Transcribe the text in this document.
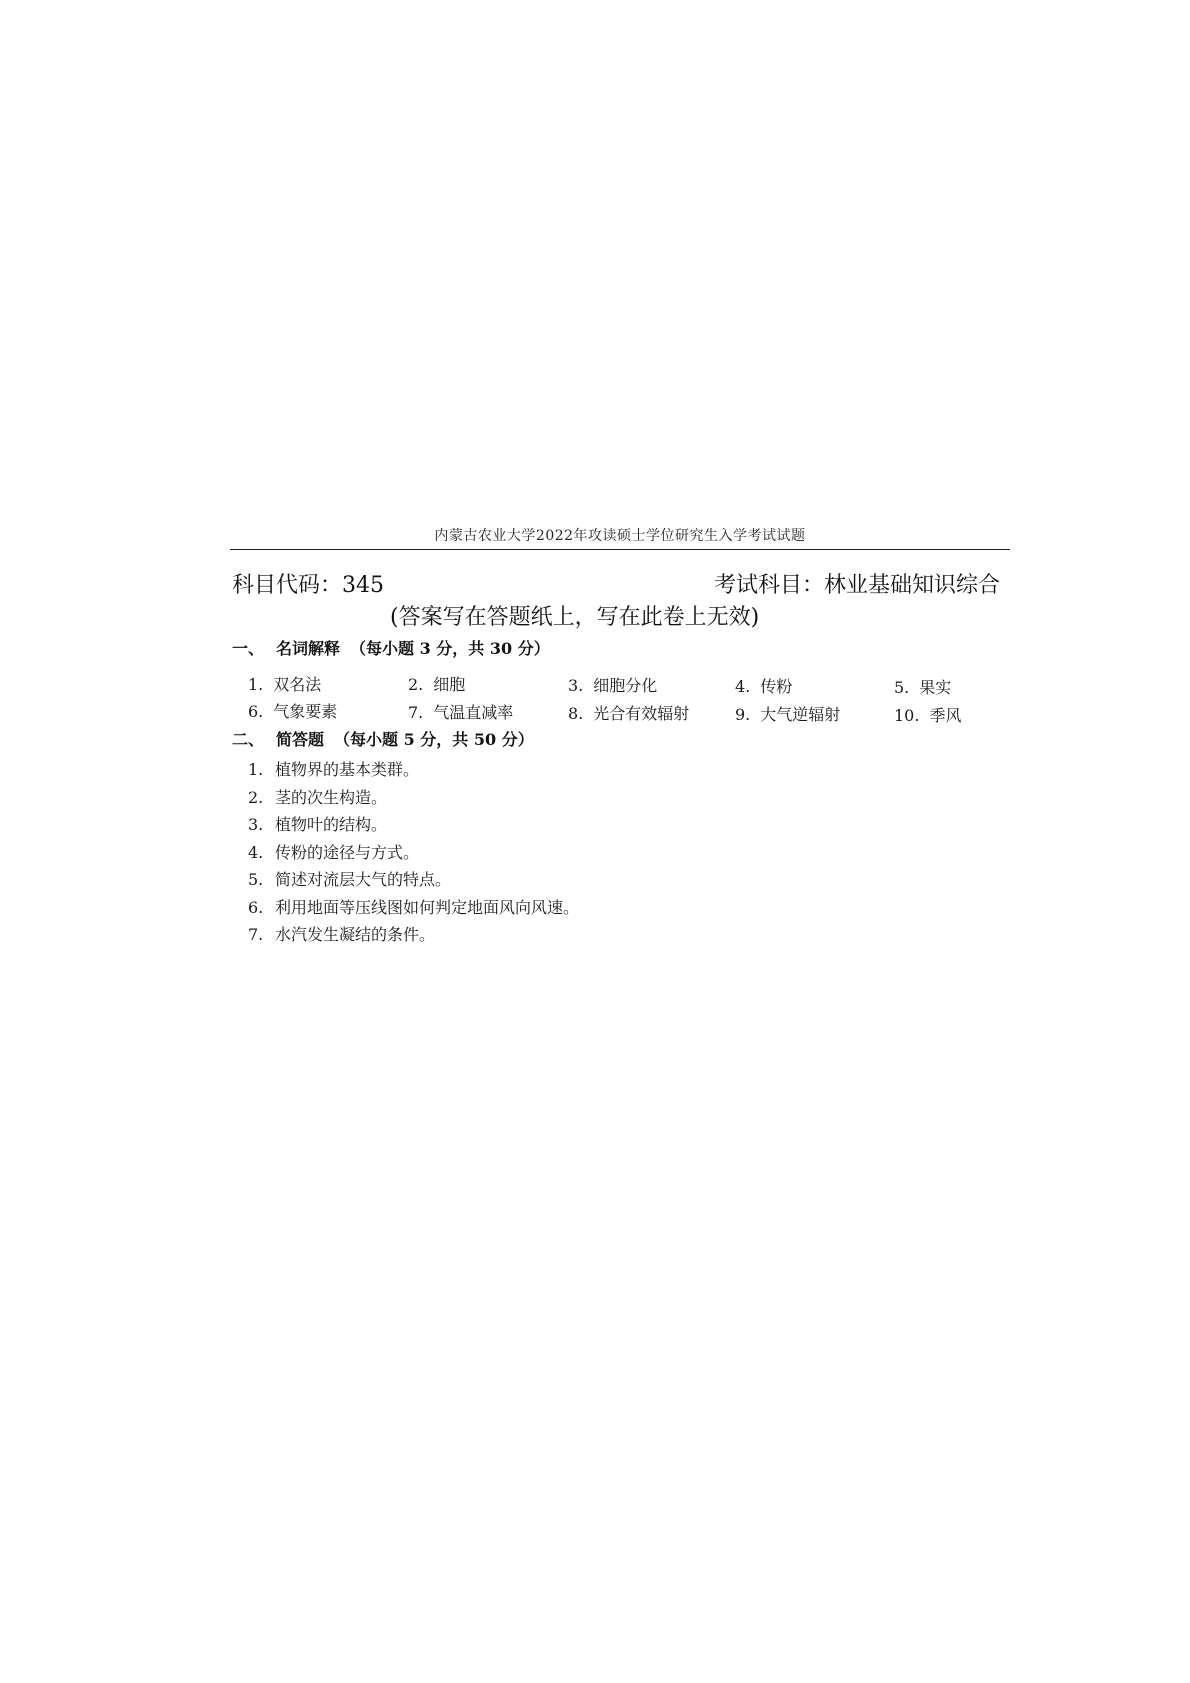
内蒙古农业大学2022年攻读硕士学位研究生入学考试试题
科目代码：345	考试科目：林业基础知识综合
(答案写在答题纸上，写在此卷上无效)
一、 名词解释 （每小题 3 分，共 30 分）
1. 双名法	2. 细胞	3. 细胞分化	4. 传粉	5. 果实
6. 气象要素	7. 气温直减率	8. 光合有效辐射	9. 大气逆辐射	10. 季风
二、 简答题 （每小题 5 分，共 50 分）
1. 植物界的基本类群。
2. 茎的次生构造。
3. 植物叶的结构。
4. 传粉的途径与方式。
5. 简述对流层大气的特点。
6. 利用地面等压线图如何判定地面风向风速。
7. 水汽发生凝结的条件。
